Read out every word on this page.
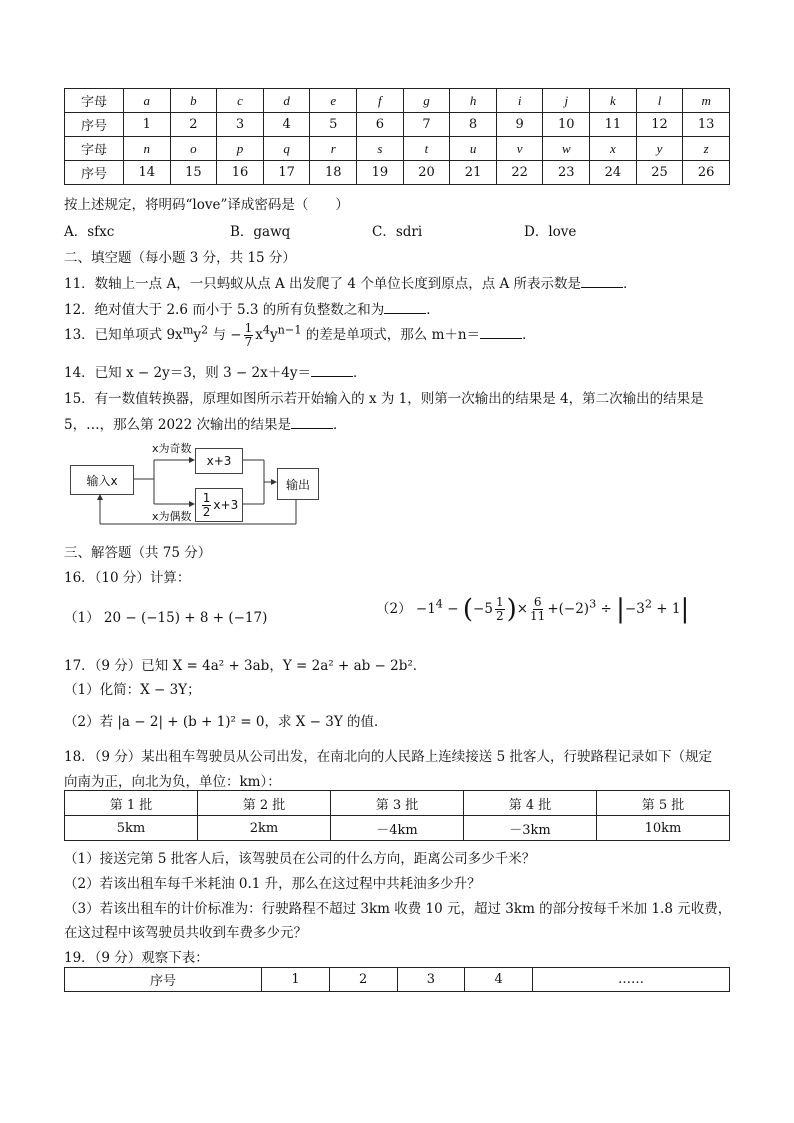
字母	a	b	c	d	e	f	g	h	i	j	k	l	m
序号	1	2	3	4	5	6	7	8	9	10	11	12	13
字母	n	o	p	q	r	s	t	u	v	w	x	y	z
序号	14	15	16	17	18	19	20	21	22	23	24	25	26
按上述规定，将明码“love”译成密码是（　　）
A．sfxc	B．gawq	C．sdri	D．love
二、填空题（每小题 3 分，共 15 分）
11．数轴上一点 A，一只蚂蚁从点 A 出发爬了 4 个单位长度到原点，点 A 所表示数是	．
12．绝对值大于 2.6 而小于 5.3 的所有负整数之和为	．
13．已知单项式 $9x^my^2$ 与 − $\frac{1}{7} x^4y^{n-1}$ 的差是单项式，那么 m＋n＝	．
14．已知 x − 2y＝3，则 3 − 2x＋4y＝	．
15．有一数值转换器，原理如图所示若开始输入的 x 为 1，则第一次输出的结果是 4，第二次输出的结果是
5，…，那么第 2022 次输出的结果是	．
输入x
x为奇数
x+3
$\frac{1}{2} x+3$
x为偶数
输出
三、解答题（共 75 分）
16．（10 分）计算：
（1） 20 − (−15) + 8 + (−17)
$(2) -1^4 - (-5 \frac{1}{2}$ )× $\frac{6}{11} +(-2)^3 \div |-3^2 + 1|$
17．（9 分）已知 X = 4a² + 3ab，Y = 2a² + ab − 2b²．
（1）化简：X − 3Y；
（2）若 |a − 2| + (b + 1)² = 0，求 X − 3Y 的值．
18．（9 分）某出租车驾驶员从公司出发，在南北向的人民路上连续接送 5 批客人，行驶路程记录如下（规定
向南为正，向北为负，单位：km）：
第 1 批	第 2 批	第 3 批	第 4 批	第 5 批
5km	2km	－4km	－3km	10km
（1）接送完第 5 批客人后，该驾驶员在公司的什么方向，距离公司多少千米？
（2）若该出租车每千米耗油 0.1 升，那么在这过程中共耗油多少升？
（3）若该出租车的计价标准为：行驶路程不超过 3km 收费 10 元，超过 3km 的部分按每千米加 1.8 元收费，
在这过程中该驾驶员共收到车费多少元？
19．（9 分）观察下表：
序号	1	2	3	4	……
